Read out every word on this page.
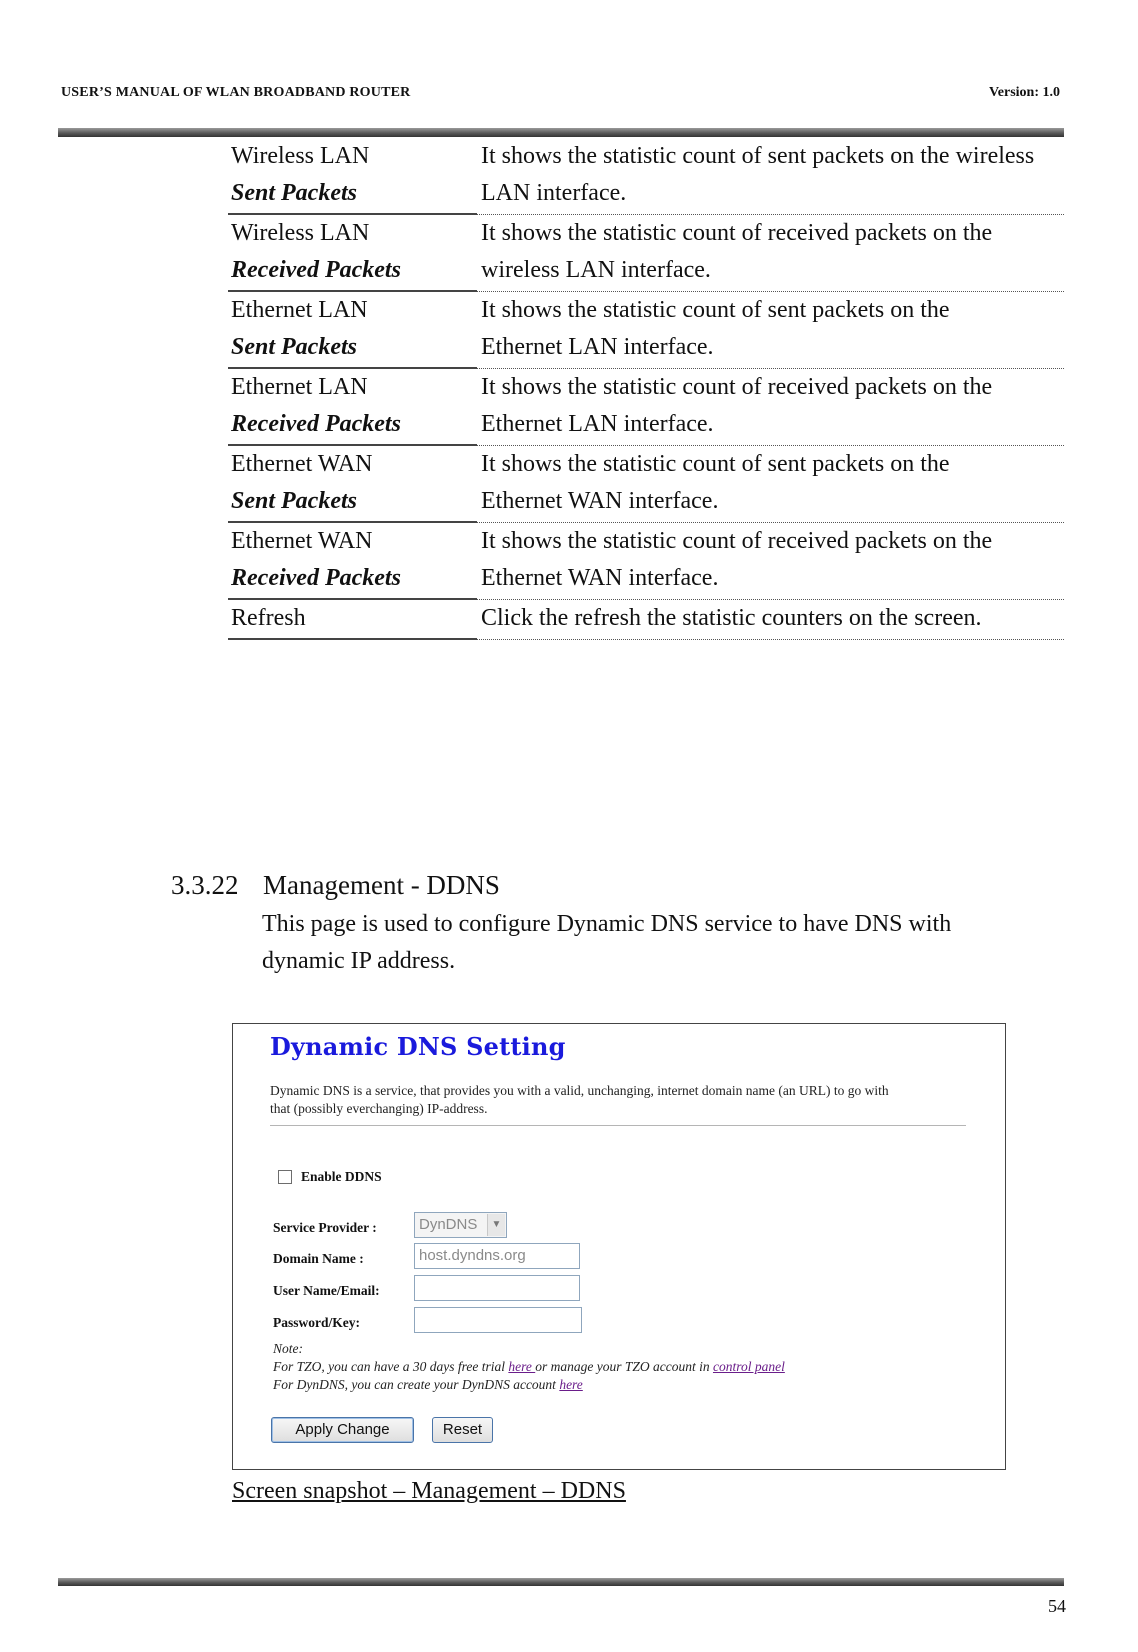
USER’S MANUAL OF WLAN BROADBAND ROUTER	Version: 1.0
Wireless LAN
Sent Packets	It shows the statistic count of sent packets on the wireless
LAN interface.
Wireless LAN
Received Packets	It shows the statistic count of received packets on the
wireless LAN interface.
Ethernet LAN
Sent Packets	It shows the statistic count of sent packets on the
Ethernet LAN interface.
Ethernet LAN
Received Packets	It shows the statistic count of received packets on the
Ethernet LAN interface.
Ethernet WAN
Sent Packets	It shows the statistic count of sent packets on the
Ethernet WAN interface.
Ethernet WAN
Received Packets	It shows the statistic count of received packets on the
Ethernet WAN interface.
Refresh	Click the refresh the statistic counters on the screen.
3.3.22 Management - DDNS
This page is used to configure Dynamic DNS service to have DNS with
dynamic IP address.
Dynamic DNS Setting
Dynamic DNS is a service, that provides you with a valid, unchanging, internet domain name (an URL) to go with
that (possibly everchanging) IP-address.
Enable DDNS
Service Provider :	DynDNS	▼
Domain Name :	host.dyndns.org
User Name/Email:
Password/Key:
Note:
For TZO, you can have a 30 days free trial here or manage your TZO account in control panel
For DynDNS, you can create your DynDNS account here
Apply Change	Reset
Screen snapshot – Management – DDNS
54
